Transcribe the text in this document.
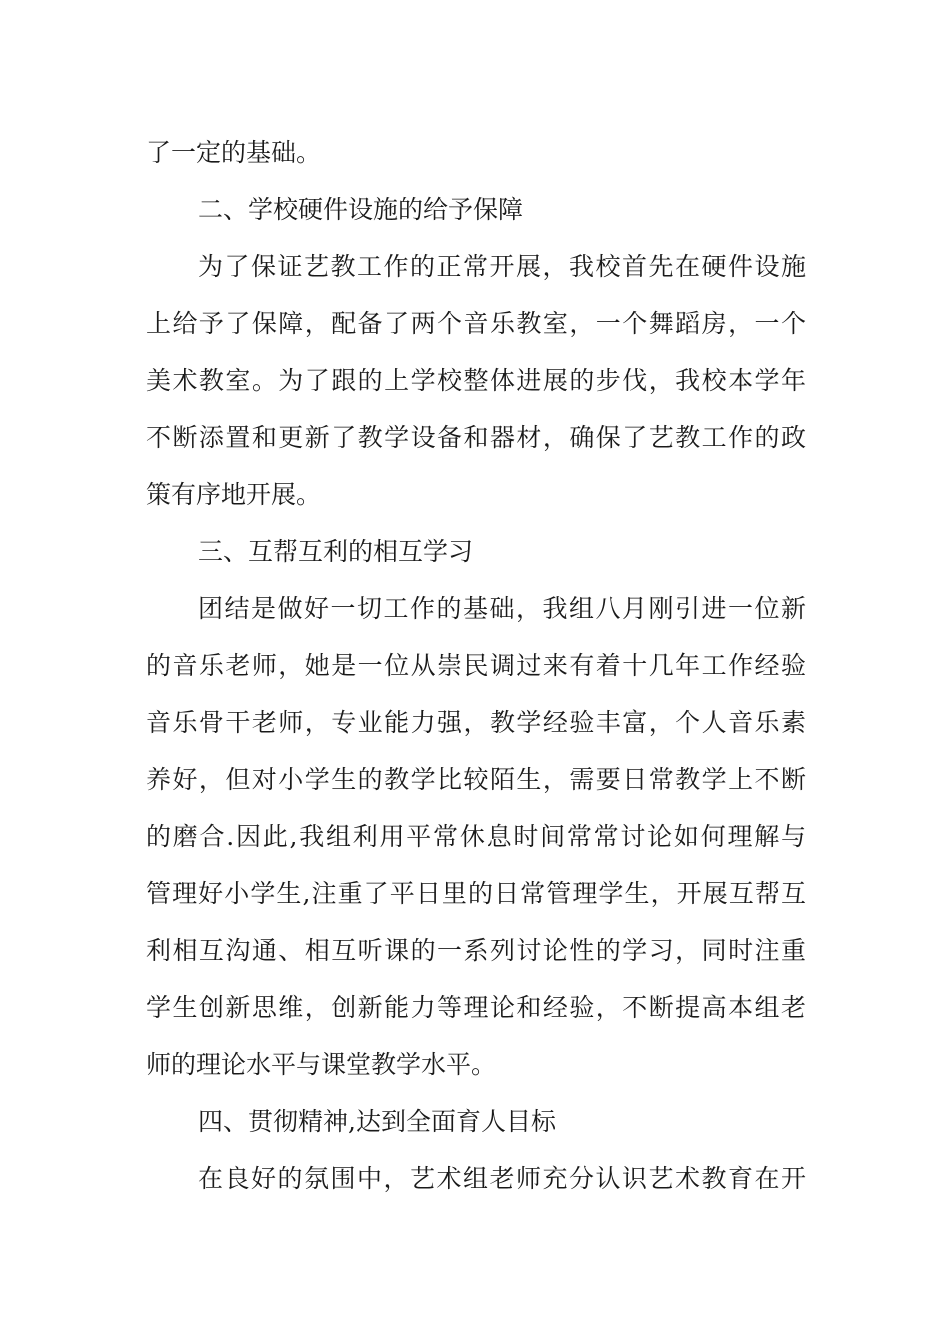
了一定的基础。

二、学校硬件设施的给予保障

为了保证艺教工作的正常开展，我校首先在硬件设施

上给予了保障，配备了两个音乐教室，一个舞蹈房，一个

美术教室。为了跟的上学校整体进展的步伐，我校本学年

不断添置和更新了教学设备和器材，确保了艺教工作的政

策有序地开展。

三、互帮互利的相互学习

团结是做好一切工作的基础，我组八月刚引进一位新

的音乐老师，她是一位从崇民调过来有着十几年工作经验

音乐骨干老师，专业能力强，教学经验丰富，个人音乐素

养好，但对小学生的教学比较陌生，需要日常教学上不断

的磨合.因此,我组利用平常休息时间常常讨论如何理解与

管理好小学生,注重了平日里的日常管理学生，开展互帮互

利相互沟通、相互听课的一系列讨论性的学习，同时注重

学生创新思维，创新能力等理论和经验，不断提高本组老

师的理论水平与课堂教学水平。

四、贯彻精神,达到全面育人目标

在良好的氛围中，艺术组老师充分认识艺术教育在开
